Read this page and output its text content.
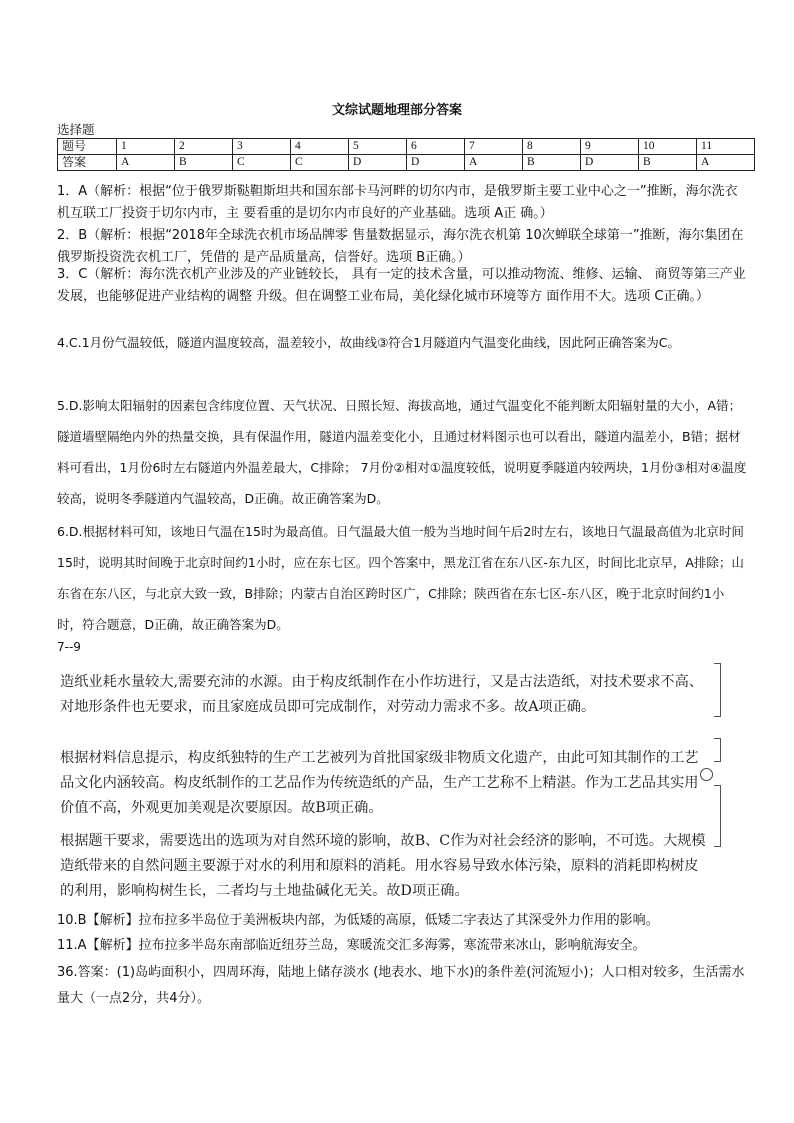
文综试题地理部分答案
选择题
题号	1	2	3	4	5	6	7	8	9	10	11
答案	A	B	C	C	D	D	A	B	D	B	A
1．A（解析：根据“位于俄罗斯鞑靼斯坦共和国东部卡马河畔的切尔内市，是俄罗斯主要工业中心之一”推断，海尔洗衣机互联工厂投资于切尔内市，主 要看重的是切尔内市良好的产业基础。选项 A正 确。）
2．B（解析：根据“2018年全球洗衣机市场品牌零 售量数据显示，海尔洗衣机第 10次蝉联全球第一”推断，海尔集团在俄罗斯投资洗衣机工厂，凭借的 是产品质量高，信誉好。选项 B正确。）
3．C（解析：海尔洗衣机产业涉及的产业链较长， 具有一定的技术含量，可以推动物流、维修、运输、 商贸等第三产业发展，也能够促进产业结构的调整 升级。但在调整工业布局，美化绿化城市环境等方 面作用不大。选项 C正确。）
4.C.1月份气温较低，隧道内温度较高，温差较小，故曲线③符合1月隧道内气温变化曲线，因此阿正确答案为C。
5.D.影响太阳辐射的因素包含纬度位置、天气状况、日照长短、海拔高地，通过气温变化不能判断太阳辐射量的大小，A错；隧道墙壁隔绝内外的热量交换，具有保温作用，隧道内温差变化小，且通过材料图示也可以看出，隧道内温差小，B错；据材料可看出，1月份6时左右隧道内外温差最大，C排除； 7月份②相对①温度较低，说明夏季隧道内较两块，1月份③相对④温度较高，说明冬季隧道内气温较高，D正确。故正确答案为D。
6.D.根据材料可知，该地日气温在15时为最高值。日气温最大值一般为当地时间午后2时左右，该地日气温最高值为北京时间15时，说明其时间晚于北京时间约1小时，应在东七区。四个答案中，黑龙江省在东八区-东九区，时间比北京早，A排除；山东省在东八区，与北京大致一致，B排除；内蒙古自治区跨时区广，C排除；陕西省在东七区-东八区，晚于北京时间约1小时，符合题意，D正确，故正确答案为D。
7--9
造纸业耗水量较大,需要充沛的水源。由于构皮纸制作在小作坊进行，又是古法造纸，对技术要求不高、对地形条件也无要求，而且家庭成员即可完成制作，对劳动力需求不多。故A项正确。
根据材料信息提示，构皮纸独特的生产工艺被列为首批国家级非物质文化遗产，由此可知其制作的工艺品文化内涵较高。构皮纸制作的工艺品作为传统造纸的产品，生产工艺称不上精湛。作为工艺品其实用价值不高，外观更加美观是次要原因。故B项正确。
根据题干要求，需要选出的选项为对自然环境的影响，故B、C作为对社会经济的影响，不可选。大规模造纸带来的自然问题主要源于对水的利用和原料的消耗。用水容易导致水体污染，原料的消耗即构树皮的利用，影响构树生长，二者均与土地盐碱化无关。故D项正确。
10.B【解析】拉布拉多半岛位于美洲板块内部，为低矮的高原，低矮二字表达了其深受外力作用的影响。
11.A【解析】拉布拉多半岛东南部临近纽芬兰岛，寒暖流交汇多海雾，寒流带来冰山，影响航海安全。
36.答案：(1)岛屿面积小，四周环海，陆地上储存淡水 (地表水、地下水)的条件差(河流短小)；人口相对较多，生活需水量大（一点2分，共4分）。
